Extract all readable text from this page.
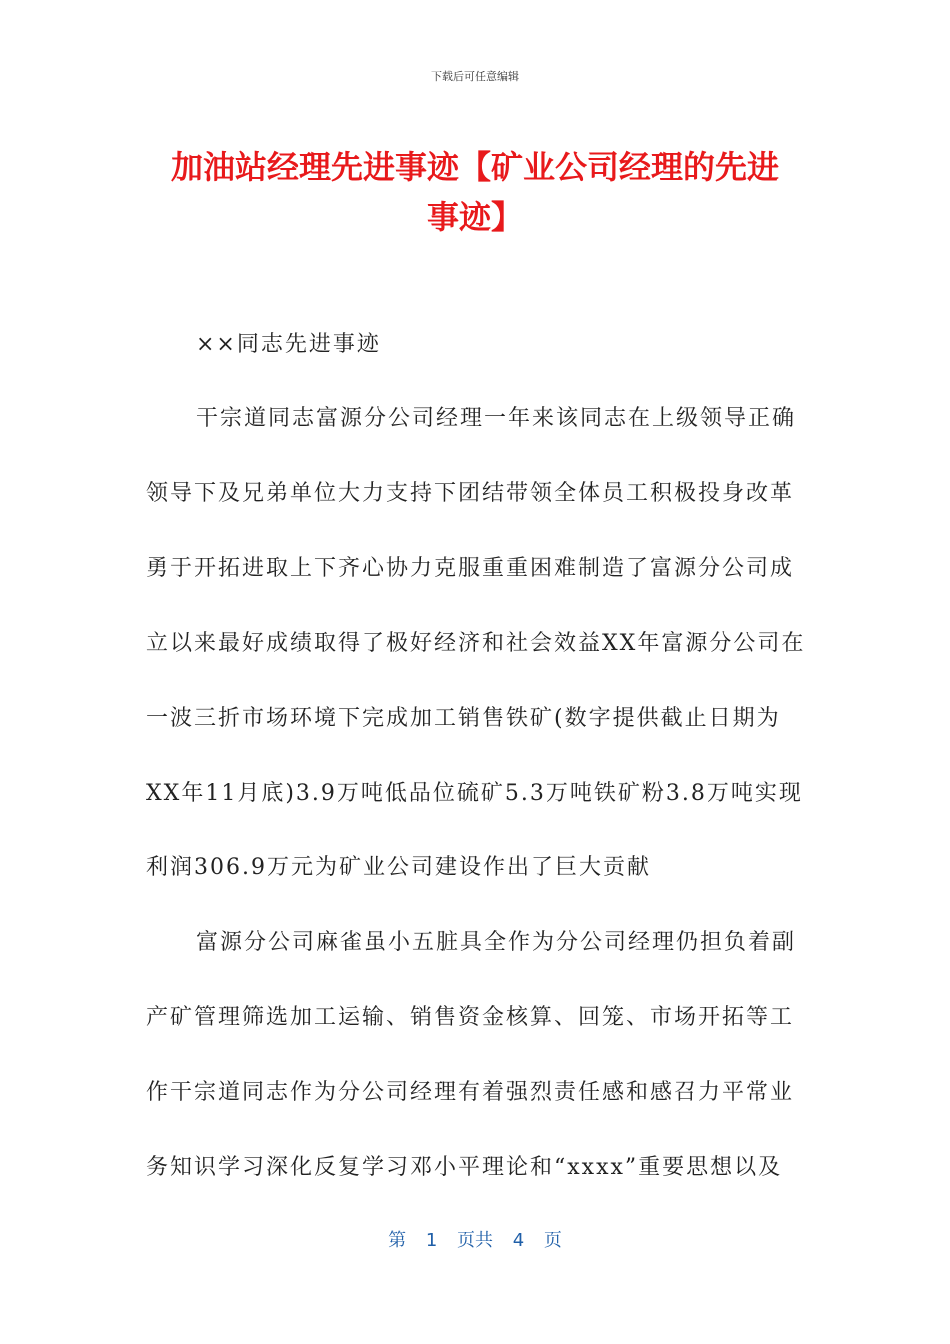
下载后可任意编辑
加油站经理先进事迹【矿业公司经理的先进
事迹】
××同志先进事迹
干宗道同志富源分公司经理一年来该同志在上级领导正确
领导下及兄弟单位大力支持下团结带领全体员工积极投身改革
勇于开拓进取上下齐心协力克服重重困难制造了富源分公司成
立以来最好成绩取得了极好经济和社会效益XX年富源分公司在
一波三折市场环境下完成加工销售铁矿(数字提供截止日期为
XX年11月底)3.9万吨低品位硫矿5.3万吨铁矿粉3.8万吨实现
利润306.9万元为矿业公司建设作出了巨大贡献
富源分公司麻雀虽小五脏具全作为分公司经理仍担负着副
产矿管理筛选加工运输、销售资金核算、回笼、市场开拓等工
作干宗道同志作为分公司经理有着强烈责任感和感召力平常业
务知识学习深化反复学习邓小平理论和“xxxx”重要思想以及
第 1 页共 4 页
